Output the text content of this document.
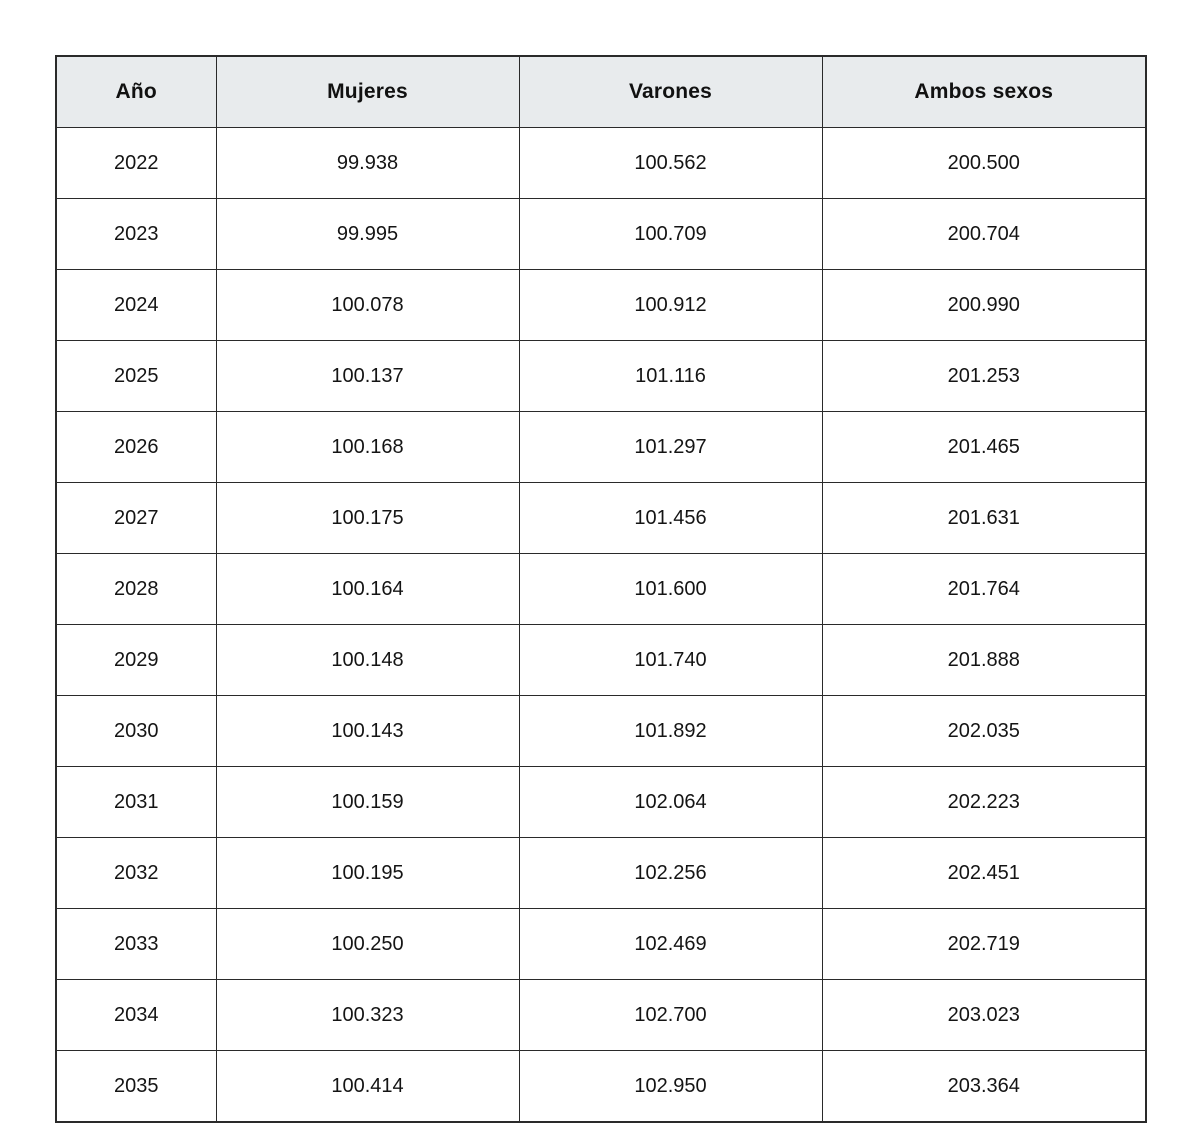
Año	Mujeres	Varones	Ambos sexos
2022	99.938	100.562	200.500
2023	99.995	100.709	200.704
2024	100.078	100.912	200.990
2025	100.137	101.116	201.253
2026	100.168	101.297	201.465
2027	100.175	101.456	201.631
2028	100.164	101.600	201.764
2029	100.148	101.740	201.888
2030	100.143	101.892	202.035
2031	100.159	102.064	202.223
2032	100.195	102.256	202.451
2033	100.250	102.469	202.719
2034	100.323	102.700	203.023
2035	100.414	102.950	203.364
